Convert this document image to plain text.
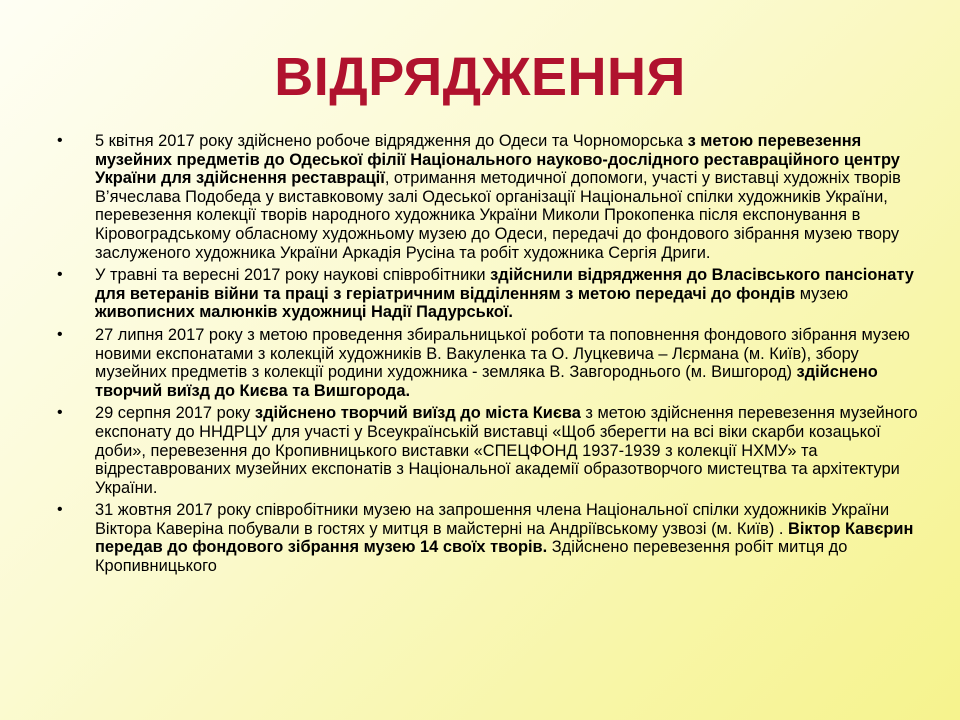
ВІДРЯДЖЕННЯ
• 5 квітня 2017 року здійснено робоче відрядження до Одеси та Чорноморська з метою перевезення музейних предметів до Одеської філії Національного науково-дослідного реставраційного центру України для здійснення реставрації, отримання методичної допомоги, участі у виставці художніх творів В’ячеслава Подобеда у виставковому залі Одеської організації Національної спілки художників України, перевезення колекції творів народного художника України Миколи Прокопенка після експонування в Кіровоградському обласному художньому музею до Одеси, передачі до фондового зібрання музею твору заслуженого художника України Аркадія Русіна та робіт художника Сергія Дриги.
• У травні та вересні 2017 року наукові співробітники здійснили відрядження до Власівського пансіонату для ветеранів війни та праці з геріатричним відділенням з метою передачі до фондів музею живописних малюнків художниці Надії Падурської.
• 27 липня 2017 року з метою проведення збиральницької роботи та поповнення фондового зібрання музею новими експонатами з колекцій художників В. Вакуленка та О. Луцкевича – Лєрмана (м. Київ), збору музейних предметів з колекції родини художника - земляка В. Завгороднього (м. Вишгород) здійснено творчий виїзд до Києва та Вишгорода.
• 29 серпня 2017 року здійснено творчий виїзд до міста Києва з метою здійснення перевезення музейного експонату до ННДРЦУ для участі у Всеукраїнській виставці «Щоб зберегти на всі віки скарби козацької доби», перевезення до Кропивницького виставки «СПЕЦФОНД 1937-1939 з колекції НХМУ» та відреставрованих музейних експонатів з Національної академії образотворчого мистецтва та архітектури України.
• 31 жовтня 2017 року співробітники музею на запрошення члена Національної спілки художників України Віктора Каверіна побували в гостях у митця в майстерні на Андріївському узвозі (м. Київ) . Віктор Кавєрин передав до фондового зібрання музею 14 своїх творів. Здійснено перевезення робіт митця до Кропивницького
